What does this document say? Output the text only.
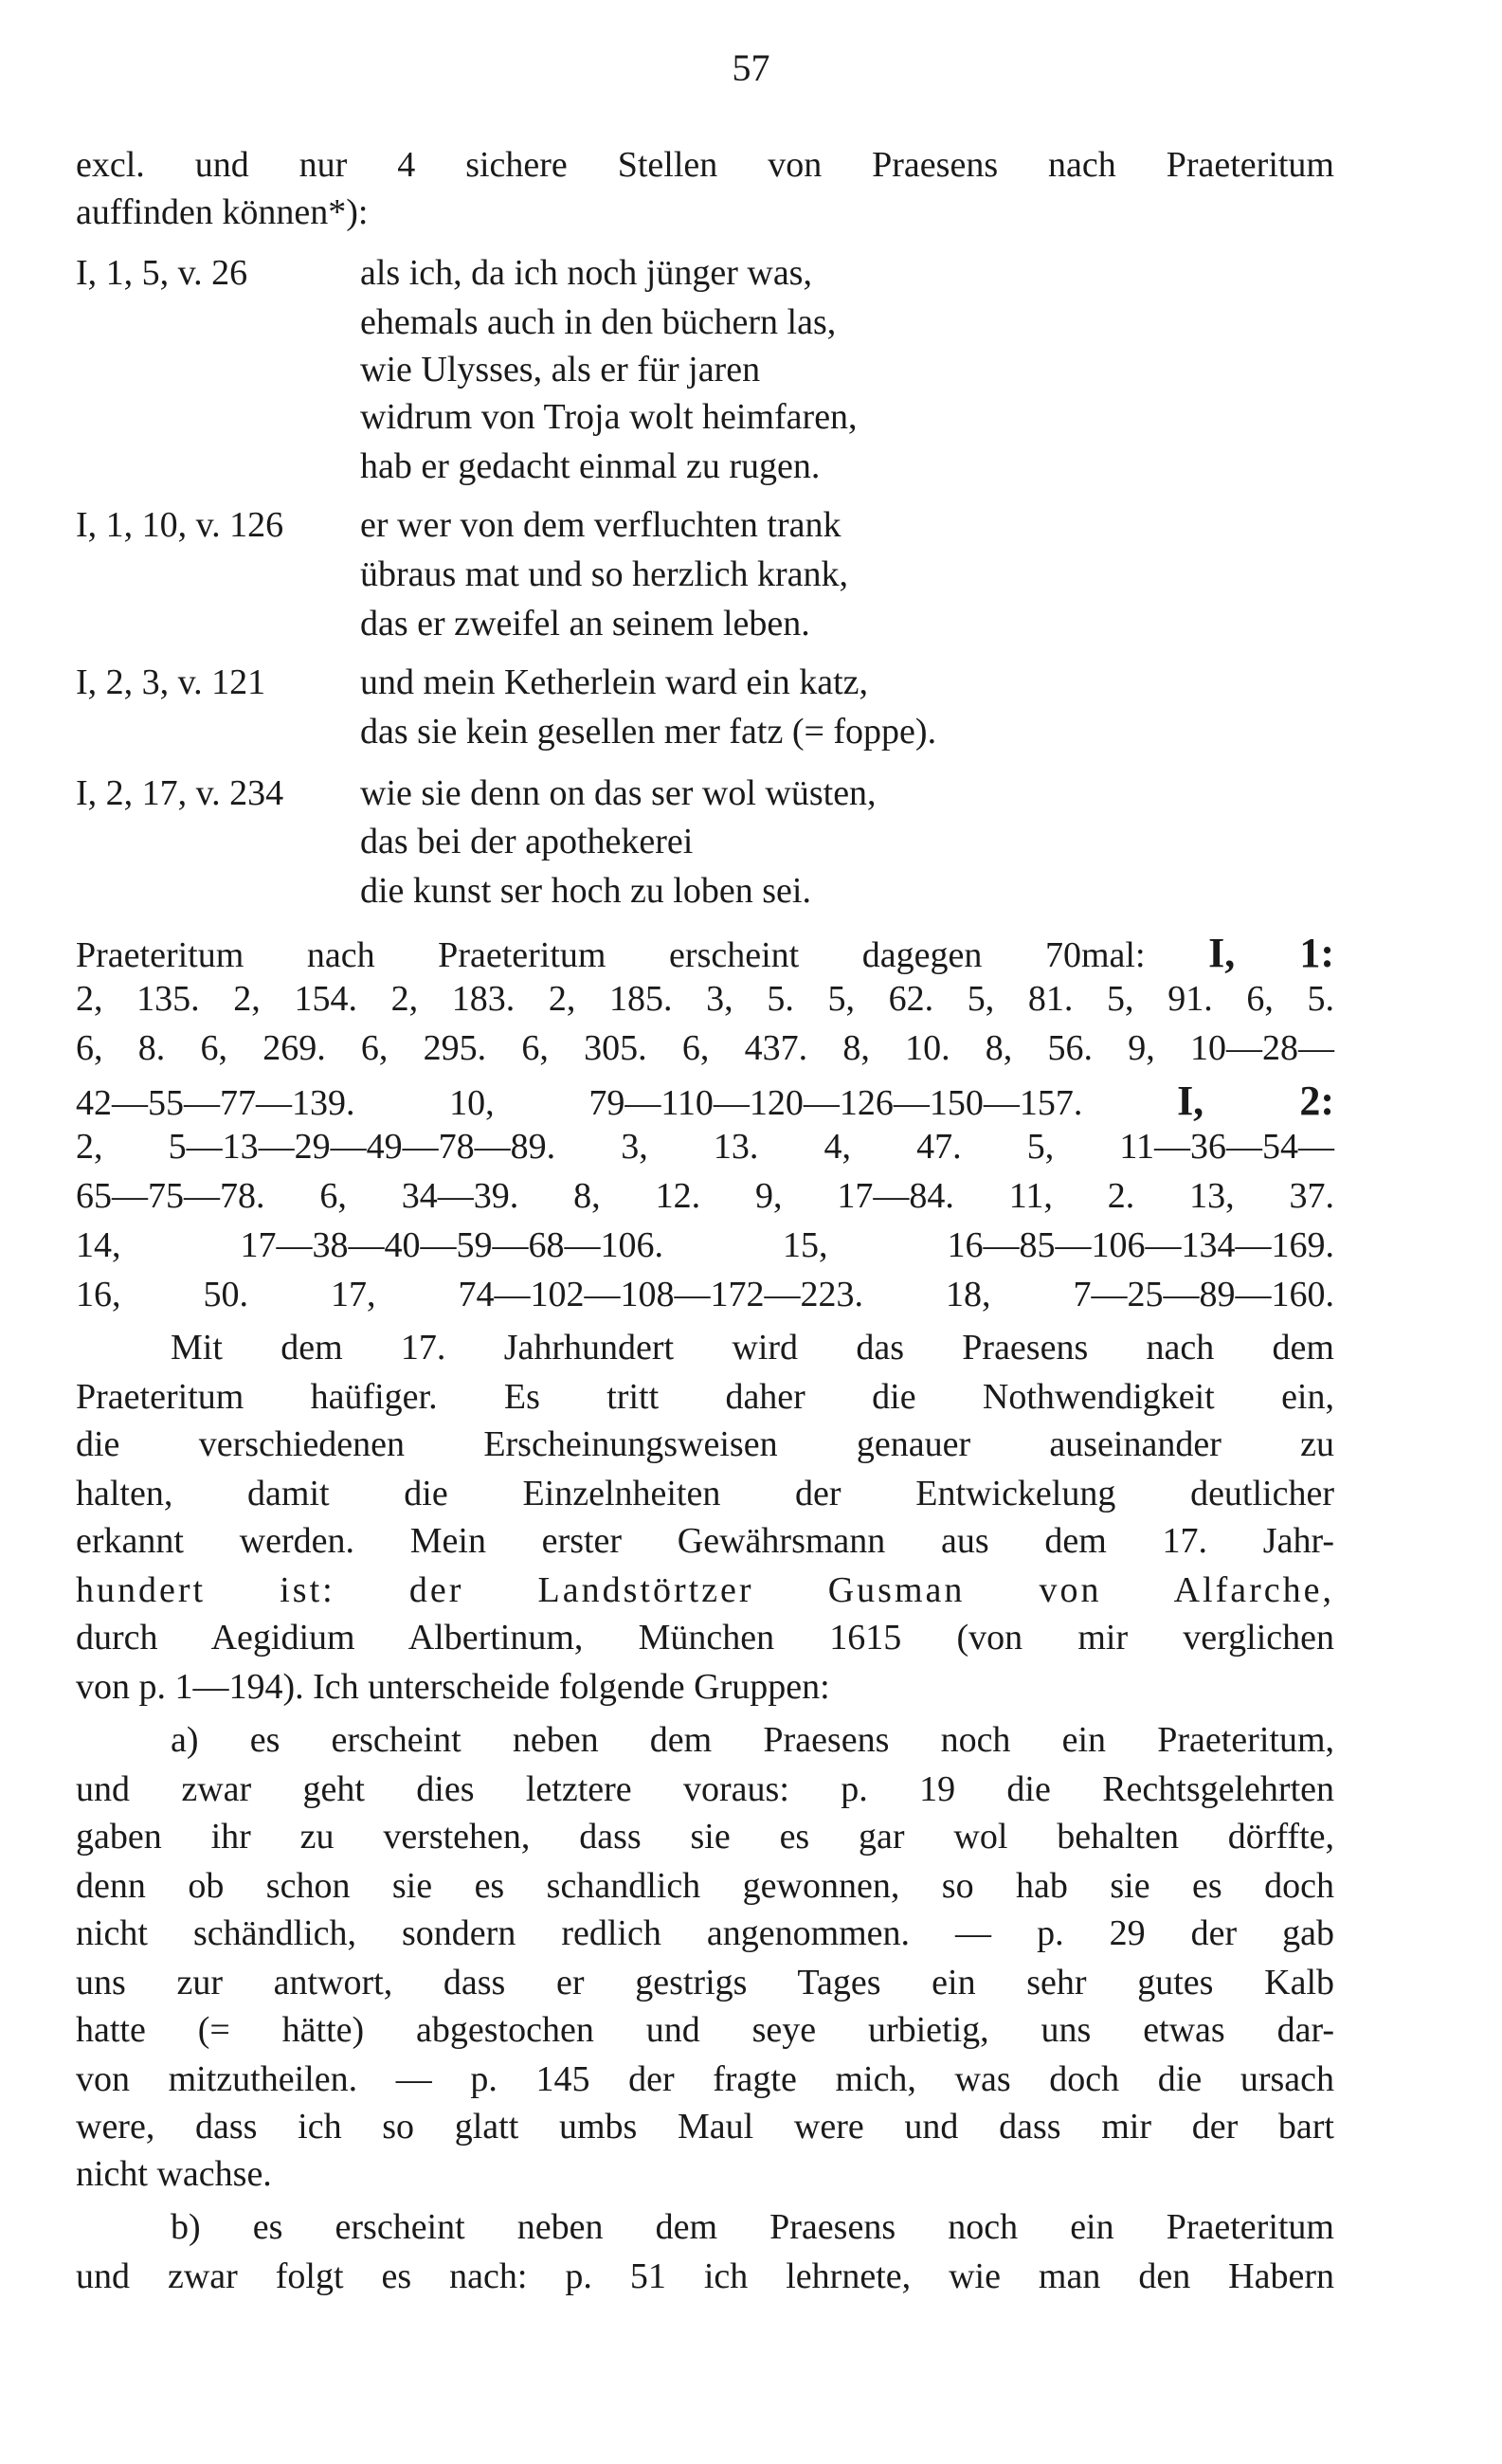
57
excl. und nur 4 sichere Stellen von Praesens nach Praeteritum
auffinden können*):
I, 1, 5, v. 26	als ich, da ich noch jünger was,
ehemals auch in den büchern las,
wie Ulysses, als er für jaren
widrum von Troja wolt heimfaren,
hab er gedacht einmal zu rugen.
I, 1, 10, v. 126 er wer von dem verfluchten trank
übraus mat und so herzlich krank,
das er zweifel an seinem leben.
I, 2, 3, v. 121	und mein Ketherlein ward ein katz,
das sie kein gesellen mer fatz (= foppe).
I, 2, 17, v. 234 wie sie denn on das ser wol wüsten,
das bei der apothekerei
die kunst ser hoch zu loben sei.
Praeteritum nach Praeteritum erscheint dagegen 70mal: I, 1:
2, 135. 2, 154. 2, 183. 2, 185. 3, 5. 5, 62. 5, 81. 5, 91. 6, 5.
6, 8. 6, 269. 6, 295. 6, 305. 6, 437. 8, 10. 8, 56. 9, 10—28—
42—55—77—139. 10, 79—110—120—126—150—157. I, 2:
2, 5—13—29—49—78—89. 3, 13. 4, 47. 5, 11—36—54—
65—75—78. 6, 34—39. 8, 12. 9, 17—84. 11, 2. 13, 37.
14, 17—38—40—59—68—106. 15, 16—85—106—134—169.
16, 50. 17, 74—102—108—172—223. 18, 7—25—89—160.
Mit dem 17. Jahrhundert wird das Praesens nach dem
Praeteritum haüfiger. Es tritt daher die Nothwendigkeit ein,
die verschiedenen Erscheinungsweisen genauer auseinander zu
halten, damit die Einzelnheiten der Entwickelung deutlicher
erkannt werden. Mein erster Gewährsmann aus dem 17. Jahr-
hundert ist: der Landstörtzer Gusman von Alfarche,
durch Aegidium Albertinum, München 1615 (von mir verglichen
von p. 1—194). Ich unterscheide folgende Gruppen:
a) es erscheint neben dem Praesens noch ein Praeteritum,
und zwar geht dies letztere voraus: p. 19 die Rechtsgelehrten
gaben ihr zu verstehen, dass sie es gar wol behalten dörffte,
denn ob schon sie es schandlich gewonnen, so hab sie es doch
nicht schändlich, sondern redlich angenommen. — p. 29 der gab
uns zur antwort, dass er gestrigs Tages ein sehr gutes Kalb
hatte (= hätte) abgestochen und seye urbietig, uns etwas dar-
von mitzutheilen. — p. 145 der fragte mich, was doch die ursach
were, dass ich so glatt umbs Maul were und dass mir der bart
nicht wachse.
b) es erscheint neben dem Praesens noch ein Praeteritum
und zwar folgt es nach: p. 51 ich lehrnete, wie man den Habern
